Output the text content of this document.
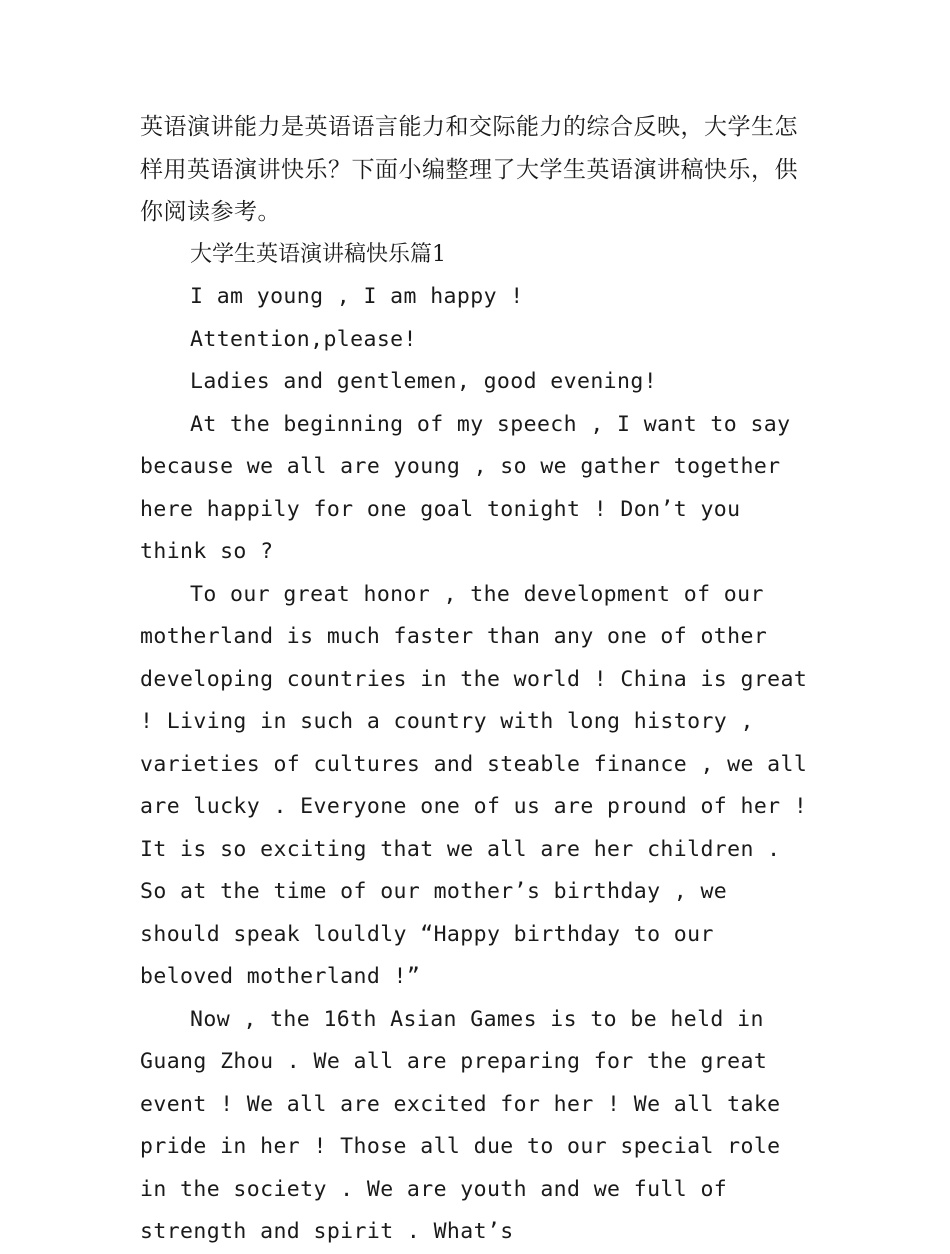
英语演讲能力是英语语言能力和交际能力的综合反映，大学生怎样用英语演讲快乐？下面小编整理了大学生英语演讲稿快乐，供你阅读参考。

大学生英语演讲稿快乐篇1

I am young , I am happy !

Attention,please!

Ladies and gentlemen, good evening!

At the beginning of my speech , I want to say because we all are young , so we gather together here happily for one goal tonight ! Don’t you think so ?

To our great honor , the development of our motherland is much faster than any one of other developing countries in the world ! China is great ! Living in such a country with long history , varieties of cultures and steable finance , we all are lucky . Everyone one of us are pround of her ! It is so exciting that we all are her children . So at the time of our mother’s birthday , we should speak louldly “Happy birthday to our beloved motherland !”

Now , the 16th Asian Games is to be held in Guang Zhou . We all are preparing for the great event ! We all are excited for her ! We all take pride in her ! Those all due to our special role in the society . We are youth and we full of strength and spirit . What’s
